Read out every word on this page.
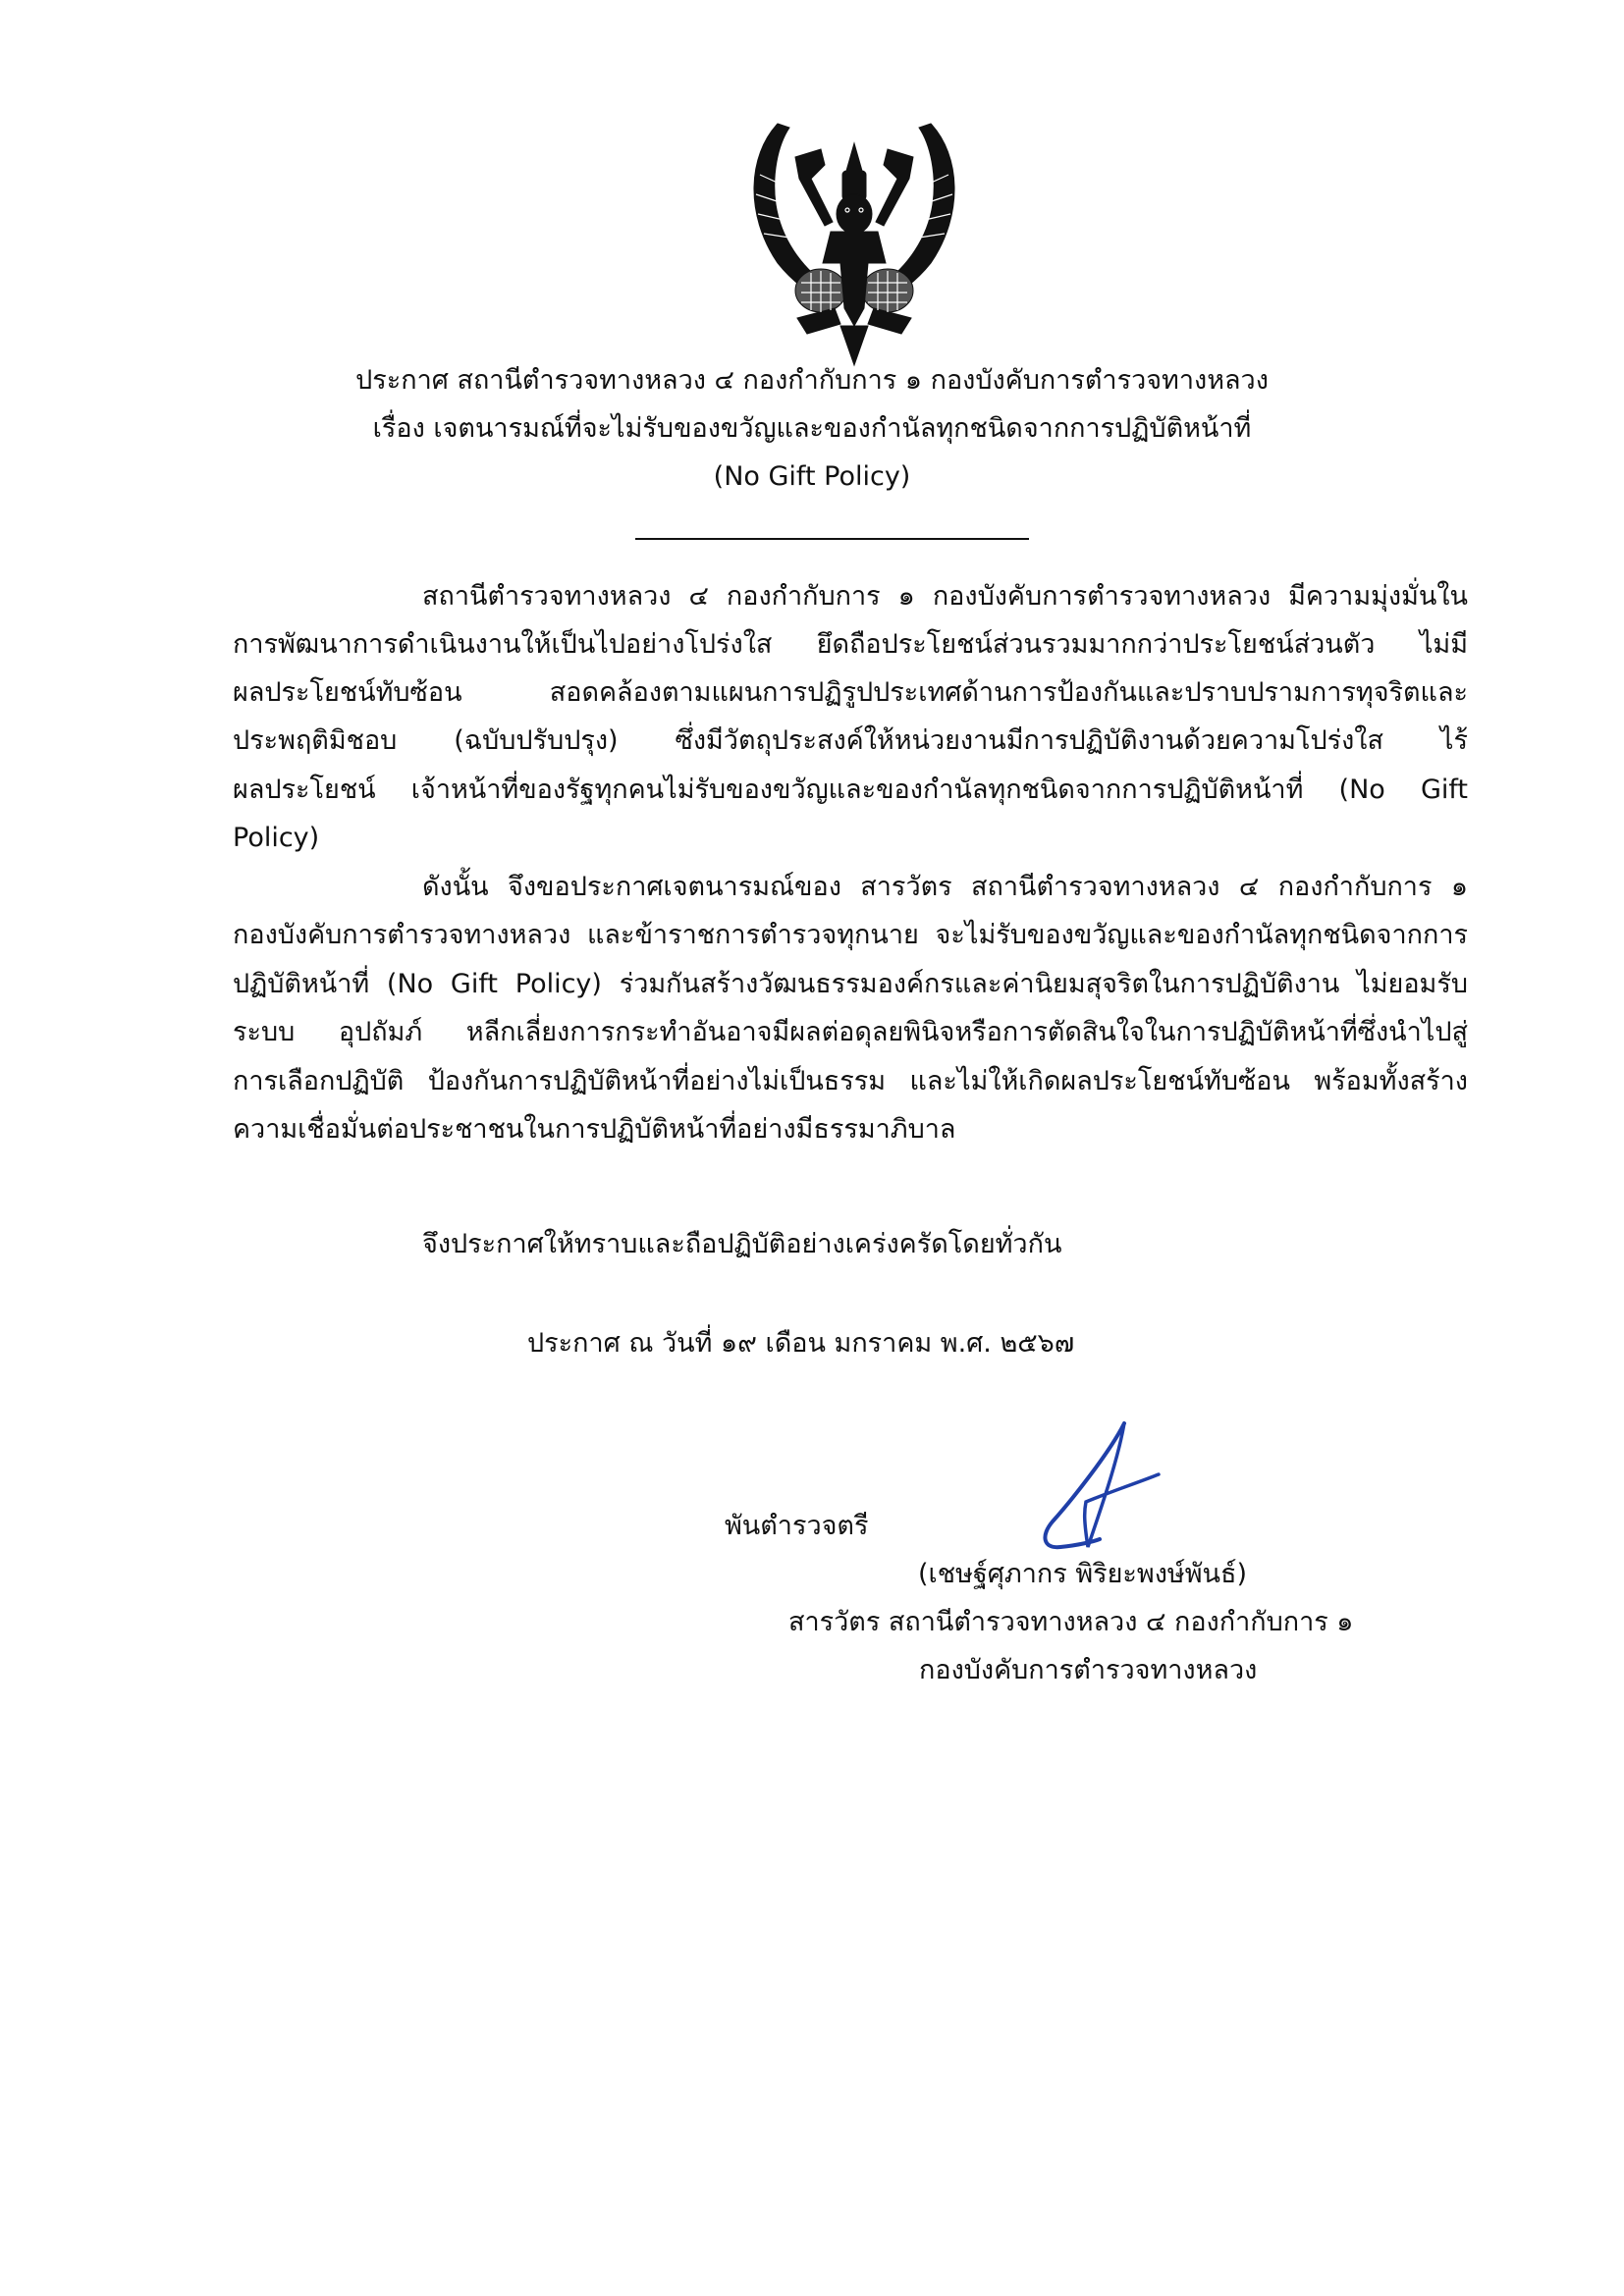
ประกาศ สถานีตำรวจทางหลวง ๔ กองกำกับการ ๑ กองบังคับการตำรวจทางหลวง
เรื่อง เจตนารมณ์ที่จะไม่รับของขวัญและของกำนัลทุกชนิดจากการปฏิบัติหน้าที่
(No Gift Policy)
สถานีตำรวจทางหลวง ๔ กองกำกับการ ๑ กองบังคับการตำรวจทางหลวง มีความมุ่งมั่นใน
การพัฒนาการดำเนินงานให้เป็นไปอย่างโปร่งใส ยึดถือประโยชน์ส่วนรวมมากกว่าประโยชน์ส่วนตัว ไม่มี
ผลประโยชน์ทับซ้อน สอดคล้องตามแผนการปฏิรูปประเทศด้านการป้องกันและปราบปรามการทุจริตและ
ประพฤติมิชอบ (ฉบับปรับปรุง) ซึ่งมีวัตถุประสงค์ให้หน่วยงานมีการปฏิบัติงานด้วยความโปร่งใส ไร้
ผลประโยชน์ เจ้าหน้าที่ของรัฐทุกคนไม่รับของขวัญและของกำนัลทุกชนิดจากการปฏิบัติหน้าที่ (No Gift
Policy)
ดังนั้น จึงขอประกาศเจตนารมณ์ของ สารวัตร สถานีตำรวจทางหลวง ๔ กองกำกับการ ๑
กองบังคับการตำรวจทางหลวง และข้าราชการตำรวจทุกนาย จะไม่รับของขวัญและของกำนัลทุกชนิดจากการ
ปฏิบัติหน้าที่ (No Gift Policy) ร่วมกันสร้างวัฒนธรรมองค์กรและค่านิยมสุจริตในการปฏิบัติงาน ไม่ยอมรับ
ระบบ อุปถัมภ์ หลีกเลี่ยงการกระทำอันอาจมีผลต่อดุลยพินิจหรือการตัดสินใจในการปฏิบัติหน้าที่ซึ่งนำไปสู่
การเลือกปฏิบัติ ป้องกันการปฏิบัติหน้าที่อย่างไม่เป็นธรรม และไม่ให้เกิดผลประโยชน์ทับซ้อน พร้อมทั้งสร้าง
ความเชื่อมั่นต่อประชาชนในการปฏิบัติหน้าที่อย่างมีธรรมาภิบาล
จึงประกาศให้ทราบและถือปฏิบัติอย่างเคร่งครัดโดยทั่วกัน
ประกาศ ณ วันที่ ๑๙ เดือน มกราคม พ.ศ. ๒๕๖๗
พันตำรวจตรี
(เชษฐ์ศุภากร พิริยะพงษ์พันธ์)
สารวัตร สถานีตำรวจทางหลวง ๔ กองกำกับการ ๑
กองบังคับการตำรวจทางหลวง
